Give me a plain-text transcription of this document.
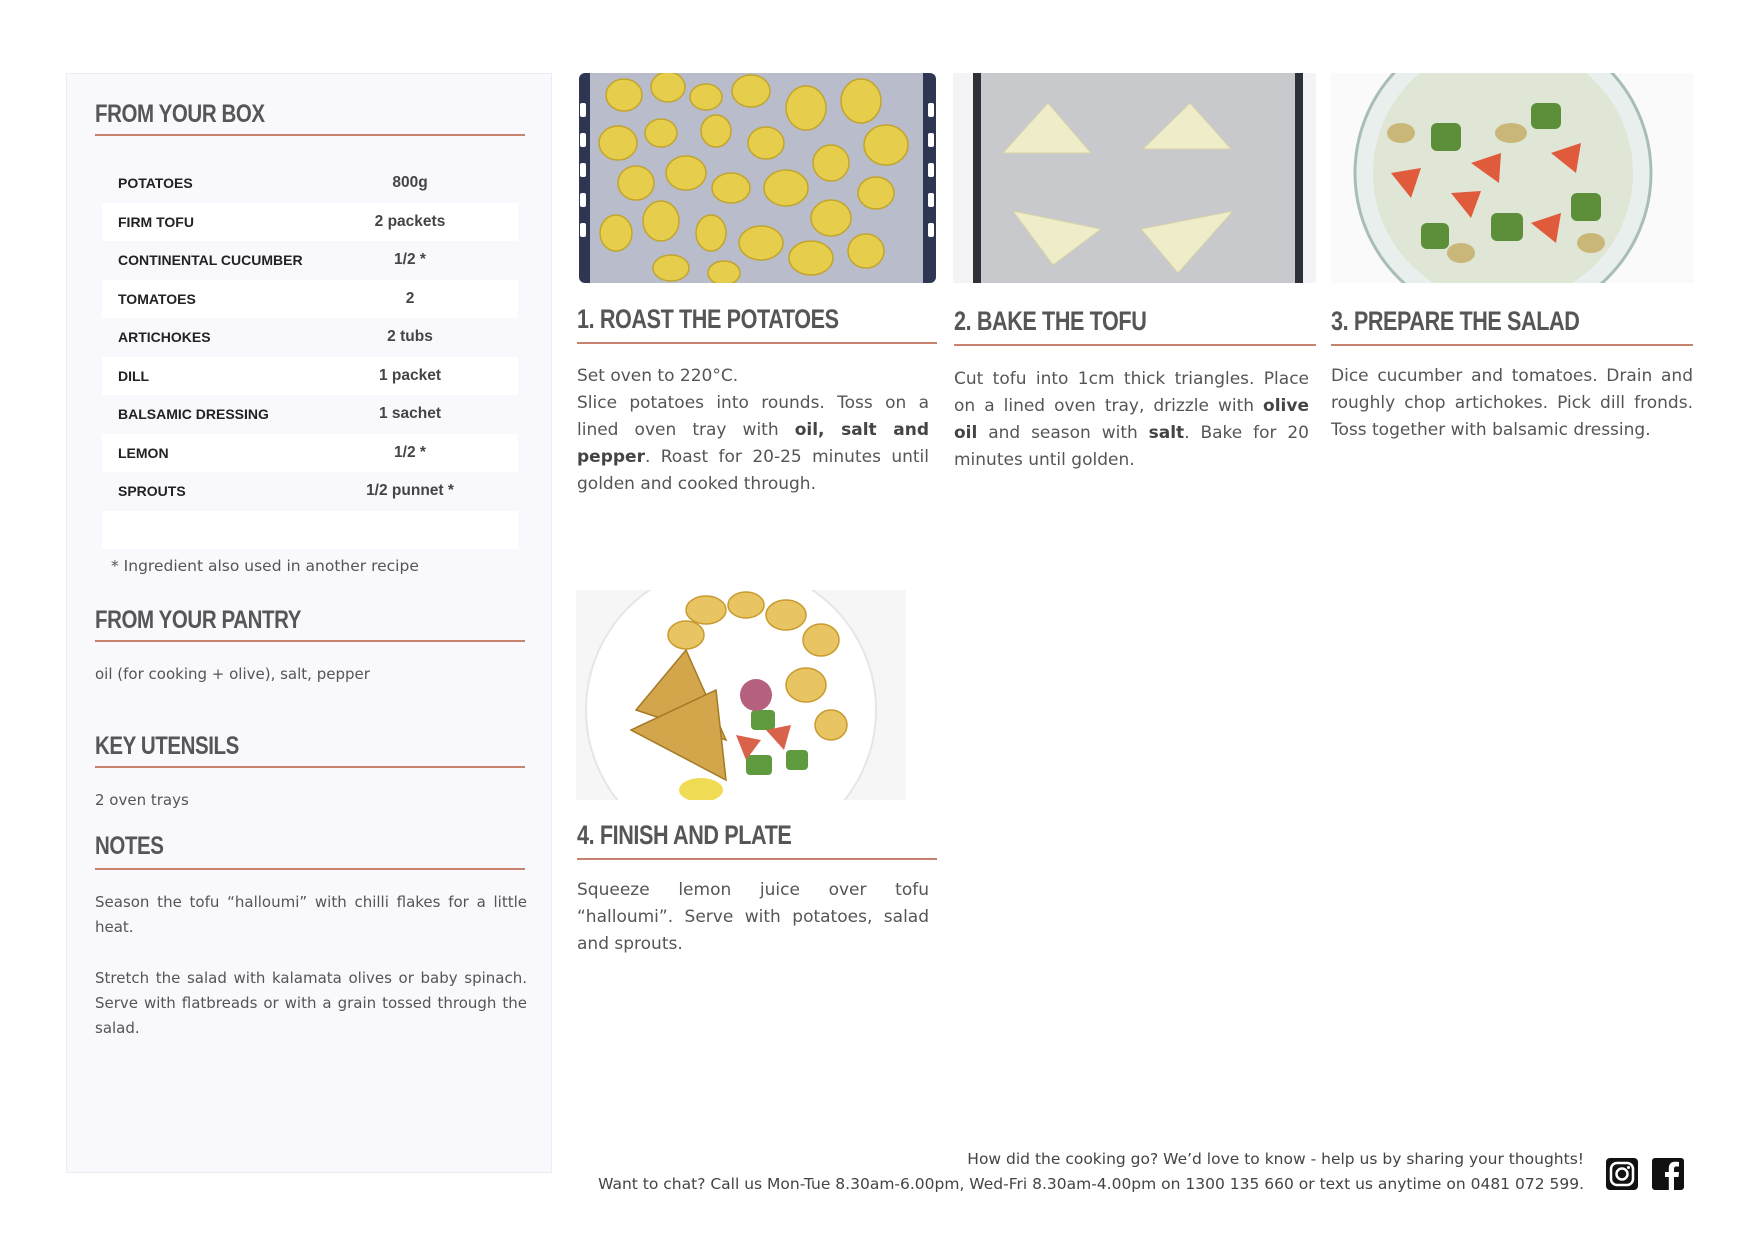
FROM YOUR BOX
POTATOES	800g
FIRM TOFU	2 packets
CONTINENTAL CUCUMBER	1/2 *
TOMATOES	2
ARTICHOKES	2 tubs
DILL	1 packet
BALSAMIC DRESSING	1 sachet
LEMON	1/2 *
SPROUTS	1/2 punnet *
* Ingredient also used in another recipe
FROM YOUR PANTRY
oil (for cooking + olive), salt, pepper
KEY UTENSILS
2 oven trays
NOTES
Season the tofu “halloumi” with chilli flakes for a little heat.
Stretch the salad with kalamata olives or baby spinach. Serve with flatbreads or with a grain tossed through the salad.
1. ROAST THE POTATOES
Set oven to 220°C.
Slice potatoes into rounds. Toss on a lined oven tray with oil, salt and pepper. Roast for 20-25 minutes until golden and cooked through.
2. BAKE THE TOFU
Cut tofu into 1cm thick triangles. Place on a lined oven tray, drizzle with olive oil and season with salt. Bake for 20 minutes until golden.
3. PREPARE THE SALAD
Dice cucumber and tomatoes. Drain and roughly chop artichokes. Pick dill fronds. Toss together with balsamic dressing.
4. FINISH AND PLATE
Squeeze lemon juice over tofu “halloumi”. Serve with potatoes, salad and sprouts.
How did the cooking go? We’d love to know - help us by sharing your thoughts!
Want to chat? Call us Mon-Tue 8.30am-6.00pm, Wed-Fri 8.30am-4.00pm on 1300 135 660 or text us anytime on 0481 072 599.
